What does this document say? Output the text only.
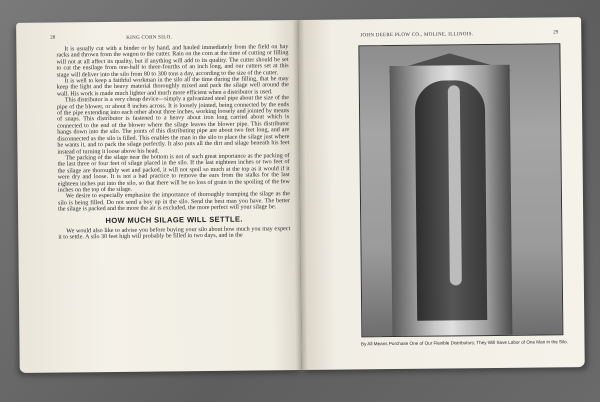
28	KING CORN SILO.

It is usually cut with a binder or by hand, and hauled immediately from the field on hay racks and thrown from the wagon to the cutter. Rain on the corn at the time of cutting or filling will not at all affect its quality, but if anything will add to its quality. The cutter should be set to cut the ensilage from one-half to three-fourths of an inch long, and our cutters set at this stage will deliver into the silo from 80 to 300 tons a day, according to the size of the cutter.

It is well to keep a faithful workman in the silo all the time during the filling, that he may keep the light and the heavy material thoroughly mixed and pack the silage well around the wall. His work is made much lighter and much more efficient when a distributor is used.

This distributor is a very cheap device—simply a galvanized steel pipe about the size of the pipe of the blower, or about 8 inches across. It is loosely jointed, being connected by the ends of the pipe extending into each other about three inches, working loosely and jointed by means of snaps. This distributor is fastened to a heavy about iron long carried about which is connected to the end of the blower where the silage leaves the blower pipe. This distributor hangs down into the silo. The joints of this distributing pipe are about two feet long, and are disconnected as the silo is filled. This enables the man in the silo to place the silage just where he wants it, and to pack the silage perfectly. It also puts all the dirt and silage beneath his feet instead of turning it loose above his head.

The packing of the silage near the bottom is not of such great importance as the packing of the last three or four feet of silage placed in the silo. If the last eighteen inches or two feet of the silage are thoroughly wet and packed, it will not spoil so much at the top as it would if it were dry and loose. It is not a bad practice to remove the ears from the stalks for the last eighteen inches put into the silo, so that there will be no loss of grain in the spoiling of the few inches on the top of the silage.

We desire to especially emphasize the importance of thoroughly tramping the silage as the silo is being filled. Do not send a boy up in the silo. Send the best man you have. The better the silage is packed and the more the air is excluded, the more perfect will your silage be.

HOW MUCH SILAGE WILL SETTLE.

We would also like to advise you before buying your silo about how much you may expect it to settle. A silo 30 feet high will probably be filled in two days, and in the

JOHN DEERE PLOW CO., MOLINE, ILLINOIS.	29
By All Means Purchase One of Our Flexible Distributors; They Will Save Labor of One Man in the Silo.
